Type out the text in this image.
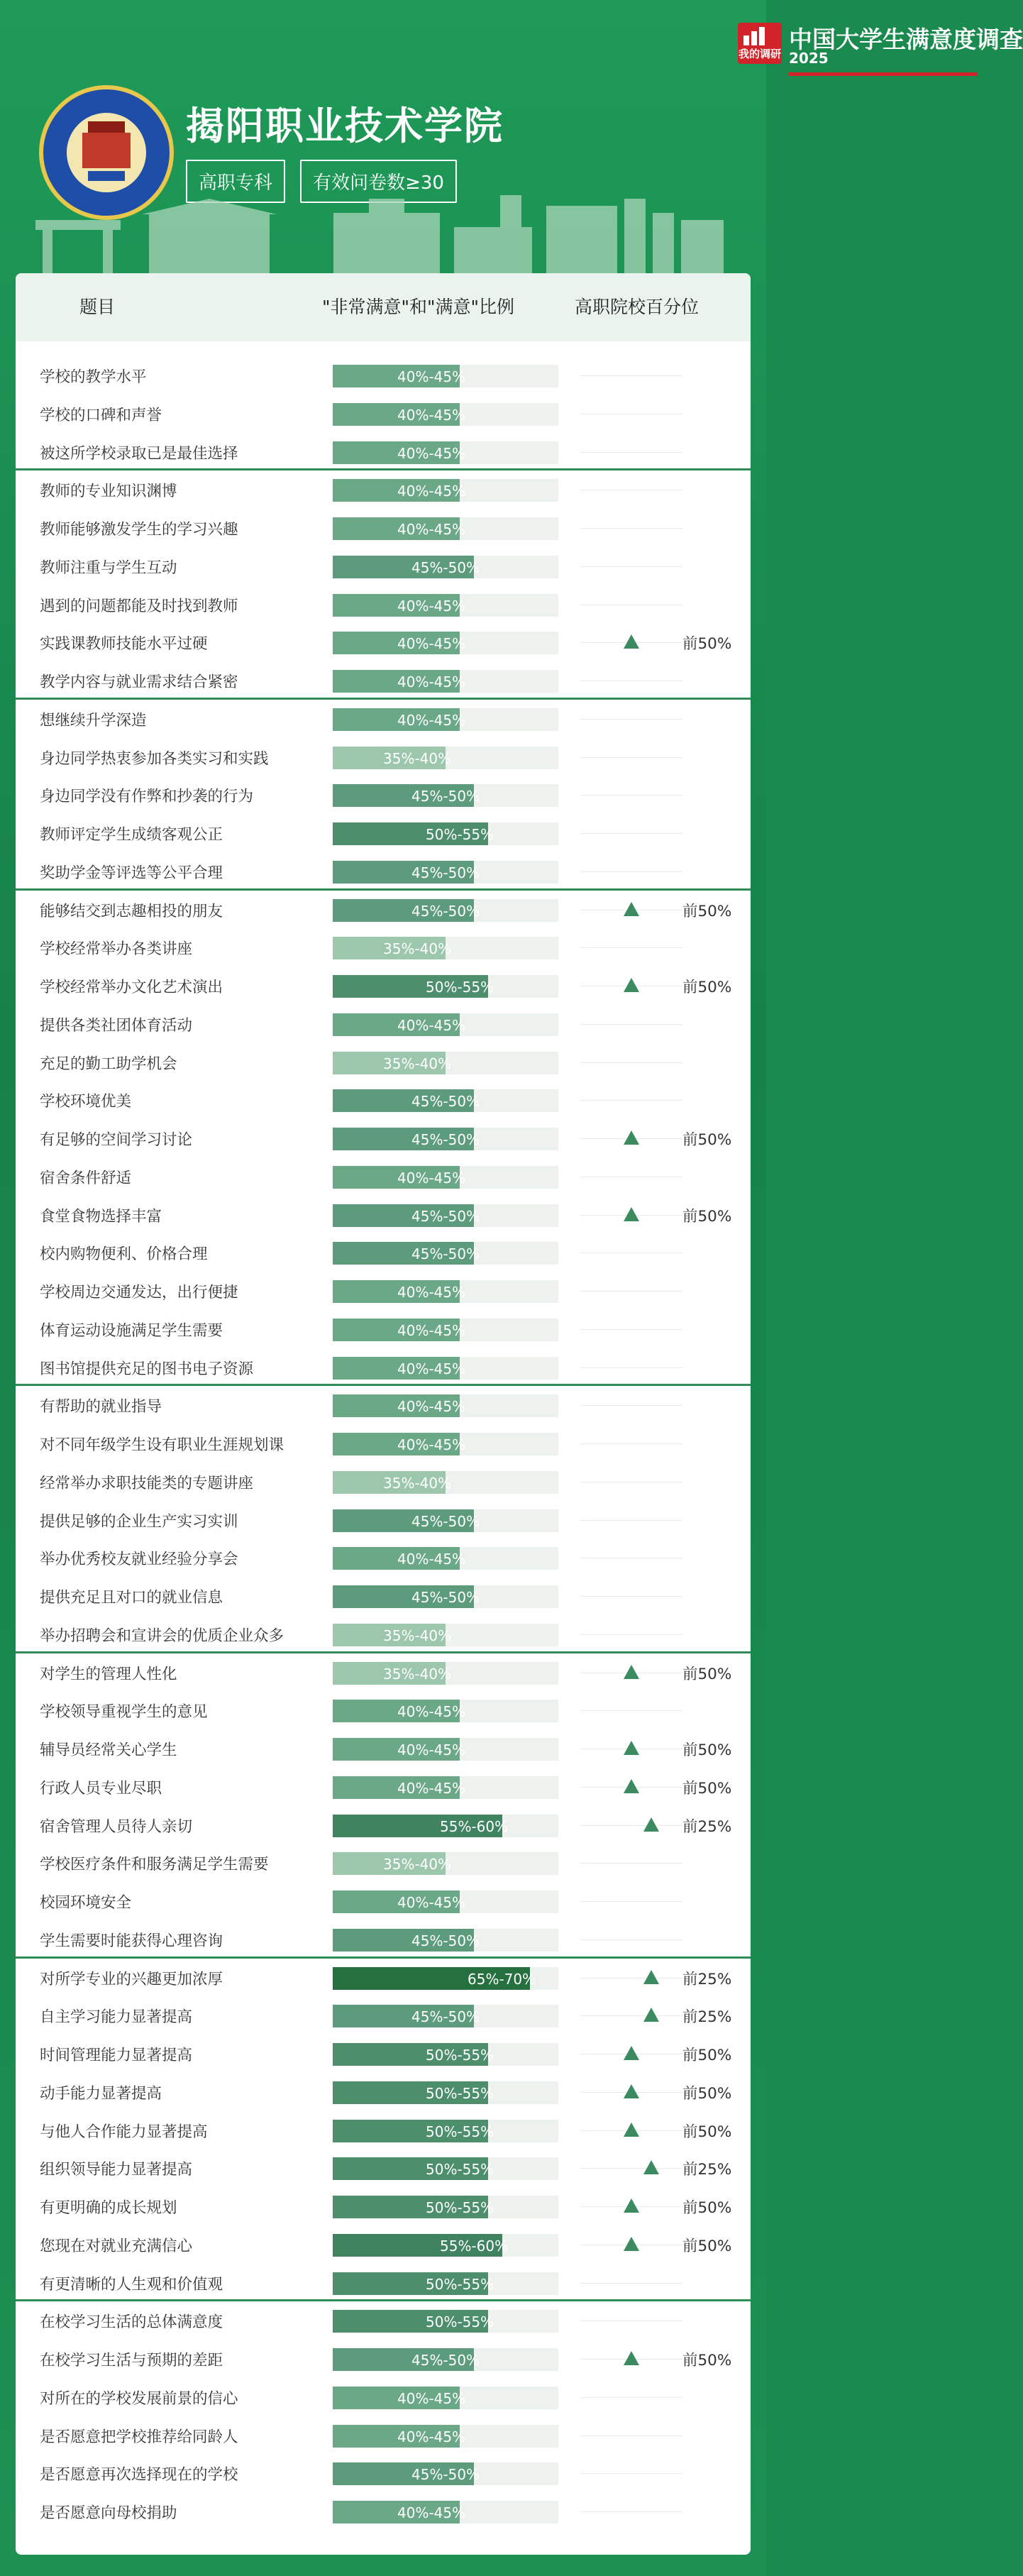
我的调研
中国大学生满意度调查
2025
揭阳职业技术学院
高职专科 有效问卷数≥30
题目	"非常满意"和"满意"比例	高职院校百分位
学校的教学水平	40%-45%
学校的口碑和声誉	40%-45%
被这所学校录取已是最佳选择	40%-45%
教师的专业知识渊博	40%-45%
教师能够激发学生的学习兴趣	40%-45%
教师注重与学生互动	45%-50%
遇到的问题都能及时找到教师	40%-45%
实践课教师技能水平过硬	40%-45%	前50%
教学内容与就业需求结合紧密	40%-45%
想继续升学深造	40%-45%
身边同学热衷参加各类实习和实践	35%-40%
身边同学没有作弊和抄袭的行为	45%-50%
教师评定学生成绩客观公正	50%-55%
奖助学金等评选等公平合理	45%-50%
能够结交到志趣相投的朋友	45%-50%	前50%
学校经常举办各类讲座	35%-40%
学校经常举办文化艺术演出	50%-55%	前50%
提供各类社团体育活动	40%-45%
充足的勤工助学机会	35%-40%
学校环境优美	45%-50%
有足够的空间学习讨论	45%-50%	前50%
宿舍条件舒适	40%-45%
食堂食物选择丰富	45%-50%	前50%
校内购物便利、价格合理	45%-50%
学校周边交通发达，出行便捷	40%-45%
体育运动设施满足学生需要	40%-45%
图书馆提供充足的图书电子资源	40%-45%
有帮助的就业指导	40%-45%
对不同年级学生设有职业生涯规划课	40%-45%
经常举办求职技能类的专题讲座	35%-40%
提供足够的企业生产实习实训	45%-50%
举办优秀校友就业经验分享会	40%-45%
提供充足且对口的就业信息	45%-50%
举办招聘会和宣讲会的优质企业众多	35%-40%
对学生的管理人性化	35%-40%	前50%
学校领导重视学生的意见	40%-45%
辅导员经常关心学生	40%-45%	前50%
行政人员专业尽职	40%-45%	前50%
宿舍管理人员待人亲切	55%-60%	前25%
学校医疗条件和服务满足学生需要	35%-40%
校园环境安全	40%-45%
学生需要时能获得心理咨询	45%-50%
对所学专业的兴趣更加浓厚	65%-70%	前25%
自主学习能力显著提高	45%-50%	前25%
时间管理能力显著提高	50%-55%	前50%
动手能力显著提高	50%-55%	前50%
与他人合作能力显著提高	50%-55%	前50%
组织领导能力显著提高	50%-55%	前25%
有更明确的成长规划	50%-55%	前50%
您现在对就业充满信心	55%-60%	前50%
有更清晰的人生观和价值观	50%-55%
在校学习生活的总体满意度	50%-55%
在校学习生活与预期的差距	45%-50%	前50%
对所在的学校发展前景的信心	40%-45%
是否愿意把学校推荐给同龄人	40%-45%
是否愿意再次选择现在的学校	45%-50%
是否愿意向母校捐助	40%-45%
